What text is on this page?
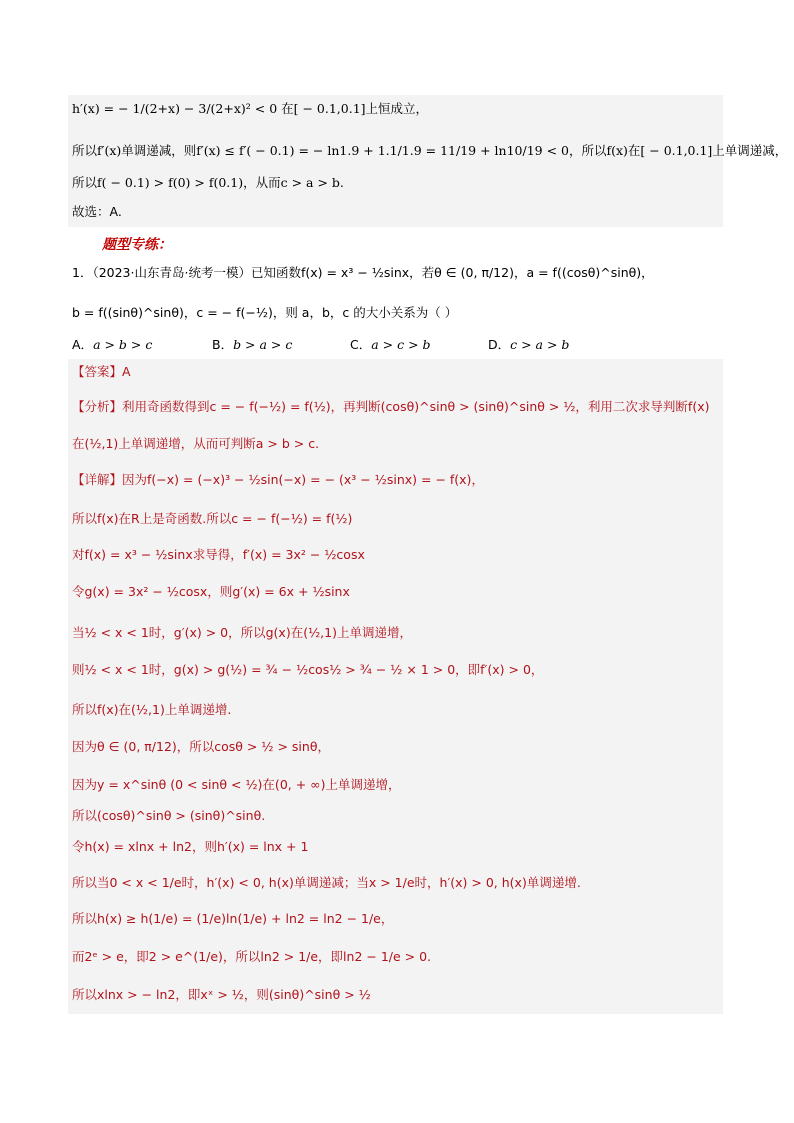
h′(x) = − 1/(2+x) − 3/(2+x)² < 0 在[ − 0.1,0.1]上恒成立，
所以f′(x)单调递减，则f′(x) ≤ f′( − 0.1) = − ln1.9 + 1.1/1.9 = 11/19 + ln10/19 < 0，所以f(x)在[ − 0.1,0.1]上单调递减，
所以f( − 0.1) > f(0) > f(0.1)，从而c > a > b.
故选：A.
题型专练：
1．（2023·山东青岛·统考一模）已知函数f(x) = x³ − ½sinx，若θ ∈ (0, π/12)，a = f((cosθ)^sinθ)，
b = f((sinθ)^sinθ)，c = − f(−½)，则 a，b，c 的大小关系为（ ）
A．a > b > c	B．b > a > c	C．a > c > b	D．c > a > b
【答案】A
【分析】利用奇函数得到c = − f(−½) = f(½)，再判断(cosθ)^sinθ > (sinθ)^sinθ > ½，利用二次求导判断f(x)
在(½,1)上单调递增，从而可判断a > b > c.
【详解】因为f(−x) = (−x)³ − ½sin(−x) = − (x³ − ½sinx) = − f(x)，
所以f(x)在R上是奇函数.所以c = − f(−½) = f(½)
对f(x) = x³ − ½sinx求导得，f′(x) = 3x² − ½cosx
令g(x) = 3x² − ½cosx，则g′(x) = 6x + ½sinx
当½ < x < 1时，g′(x) > 0，所以g(x)在(½,1)上单调递增，
则½ < x < 1时，g(x) > g(½) = ¾ − ½cos½ > ¾ − ½ × 1 > 0，即f′(x) > 0，
所以f(x)在(½,1)上单调递增.
因为θ ∈ (0, π/12)，所以cosθ > ½ > sinθ，
因为y = x^sinθ (0 < sinθ < ½)在(0, + ∞)上单调递增，
所以(cosθ)^sinθ > (sinθ)^sinθ.
令h(x) = xlnx + ln2，则h′(x) = lnx + 1
所以当0 < x < 1/e时，h′(x) < 0, h(x)单调递减；当x > 1/e时，h′(x) > 0, h(x)单调递增.
所以h(x) ≥ h(1/e) = (1/e)ln(1/e) + ln2 = ln2 − 1/e，
而2ᵉ > e，即2 > e^(1/e)，所以ln2 > 1/e，即ln2 − 1/e > 0.
所以xlnx > − ln2，即xˣ > ½，则(sinθ)^sinθ > ½
